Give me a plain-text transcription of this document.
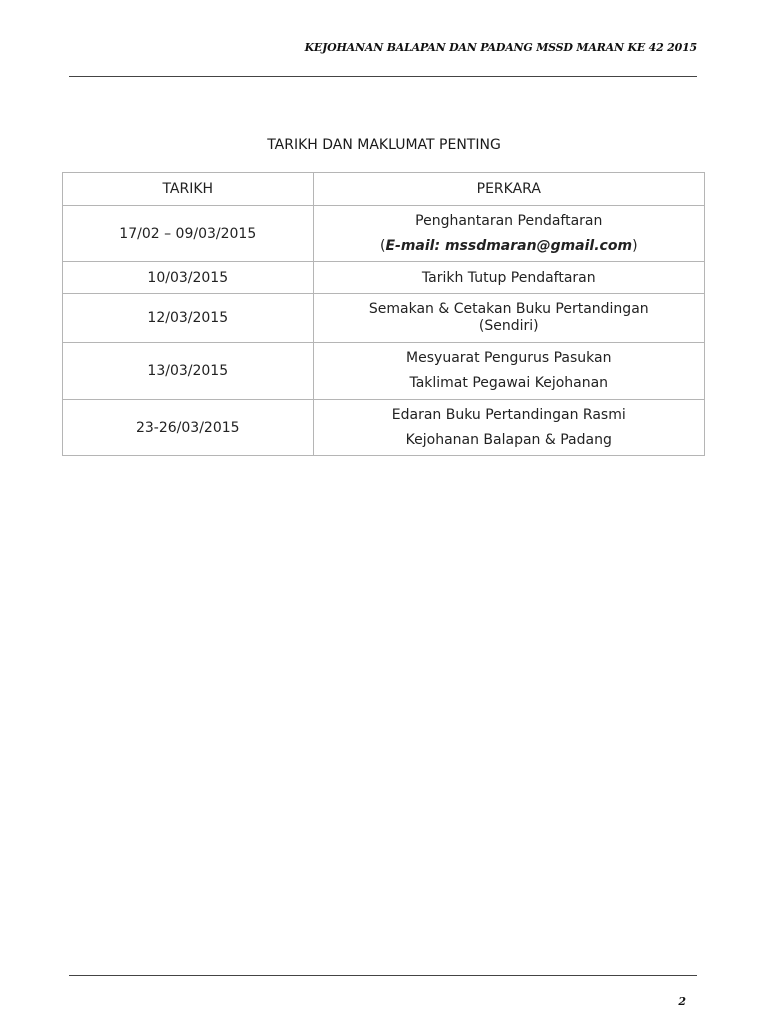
KEJOHANAN BALAPAN DAN PADANG MSSD MARAN KE 42 2015
TARIKH DAN MAKLUMAT PENTING
TARIKH	PERKARA
17/02 – 09/03/2015	Penghantaran Pendaftaran
(E-mail: mssdmaran@gmail.com)

10/03/2015	Tarikh Tutup Pendaftaran
12/03/2015	Semakan & Cetakan Buku Pertandingan
(Sendiri)

13/03/2015	Mesyuarat Pengurus Pasukan
Taklimat Pegawai Kejohanan

23-26/03/2015	Edaran Buku Pertandingan Rasmi
Kejohanan Balapan & Padang
2
